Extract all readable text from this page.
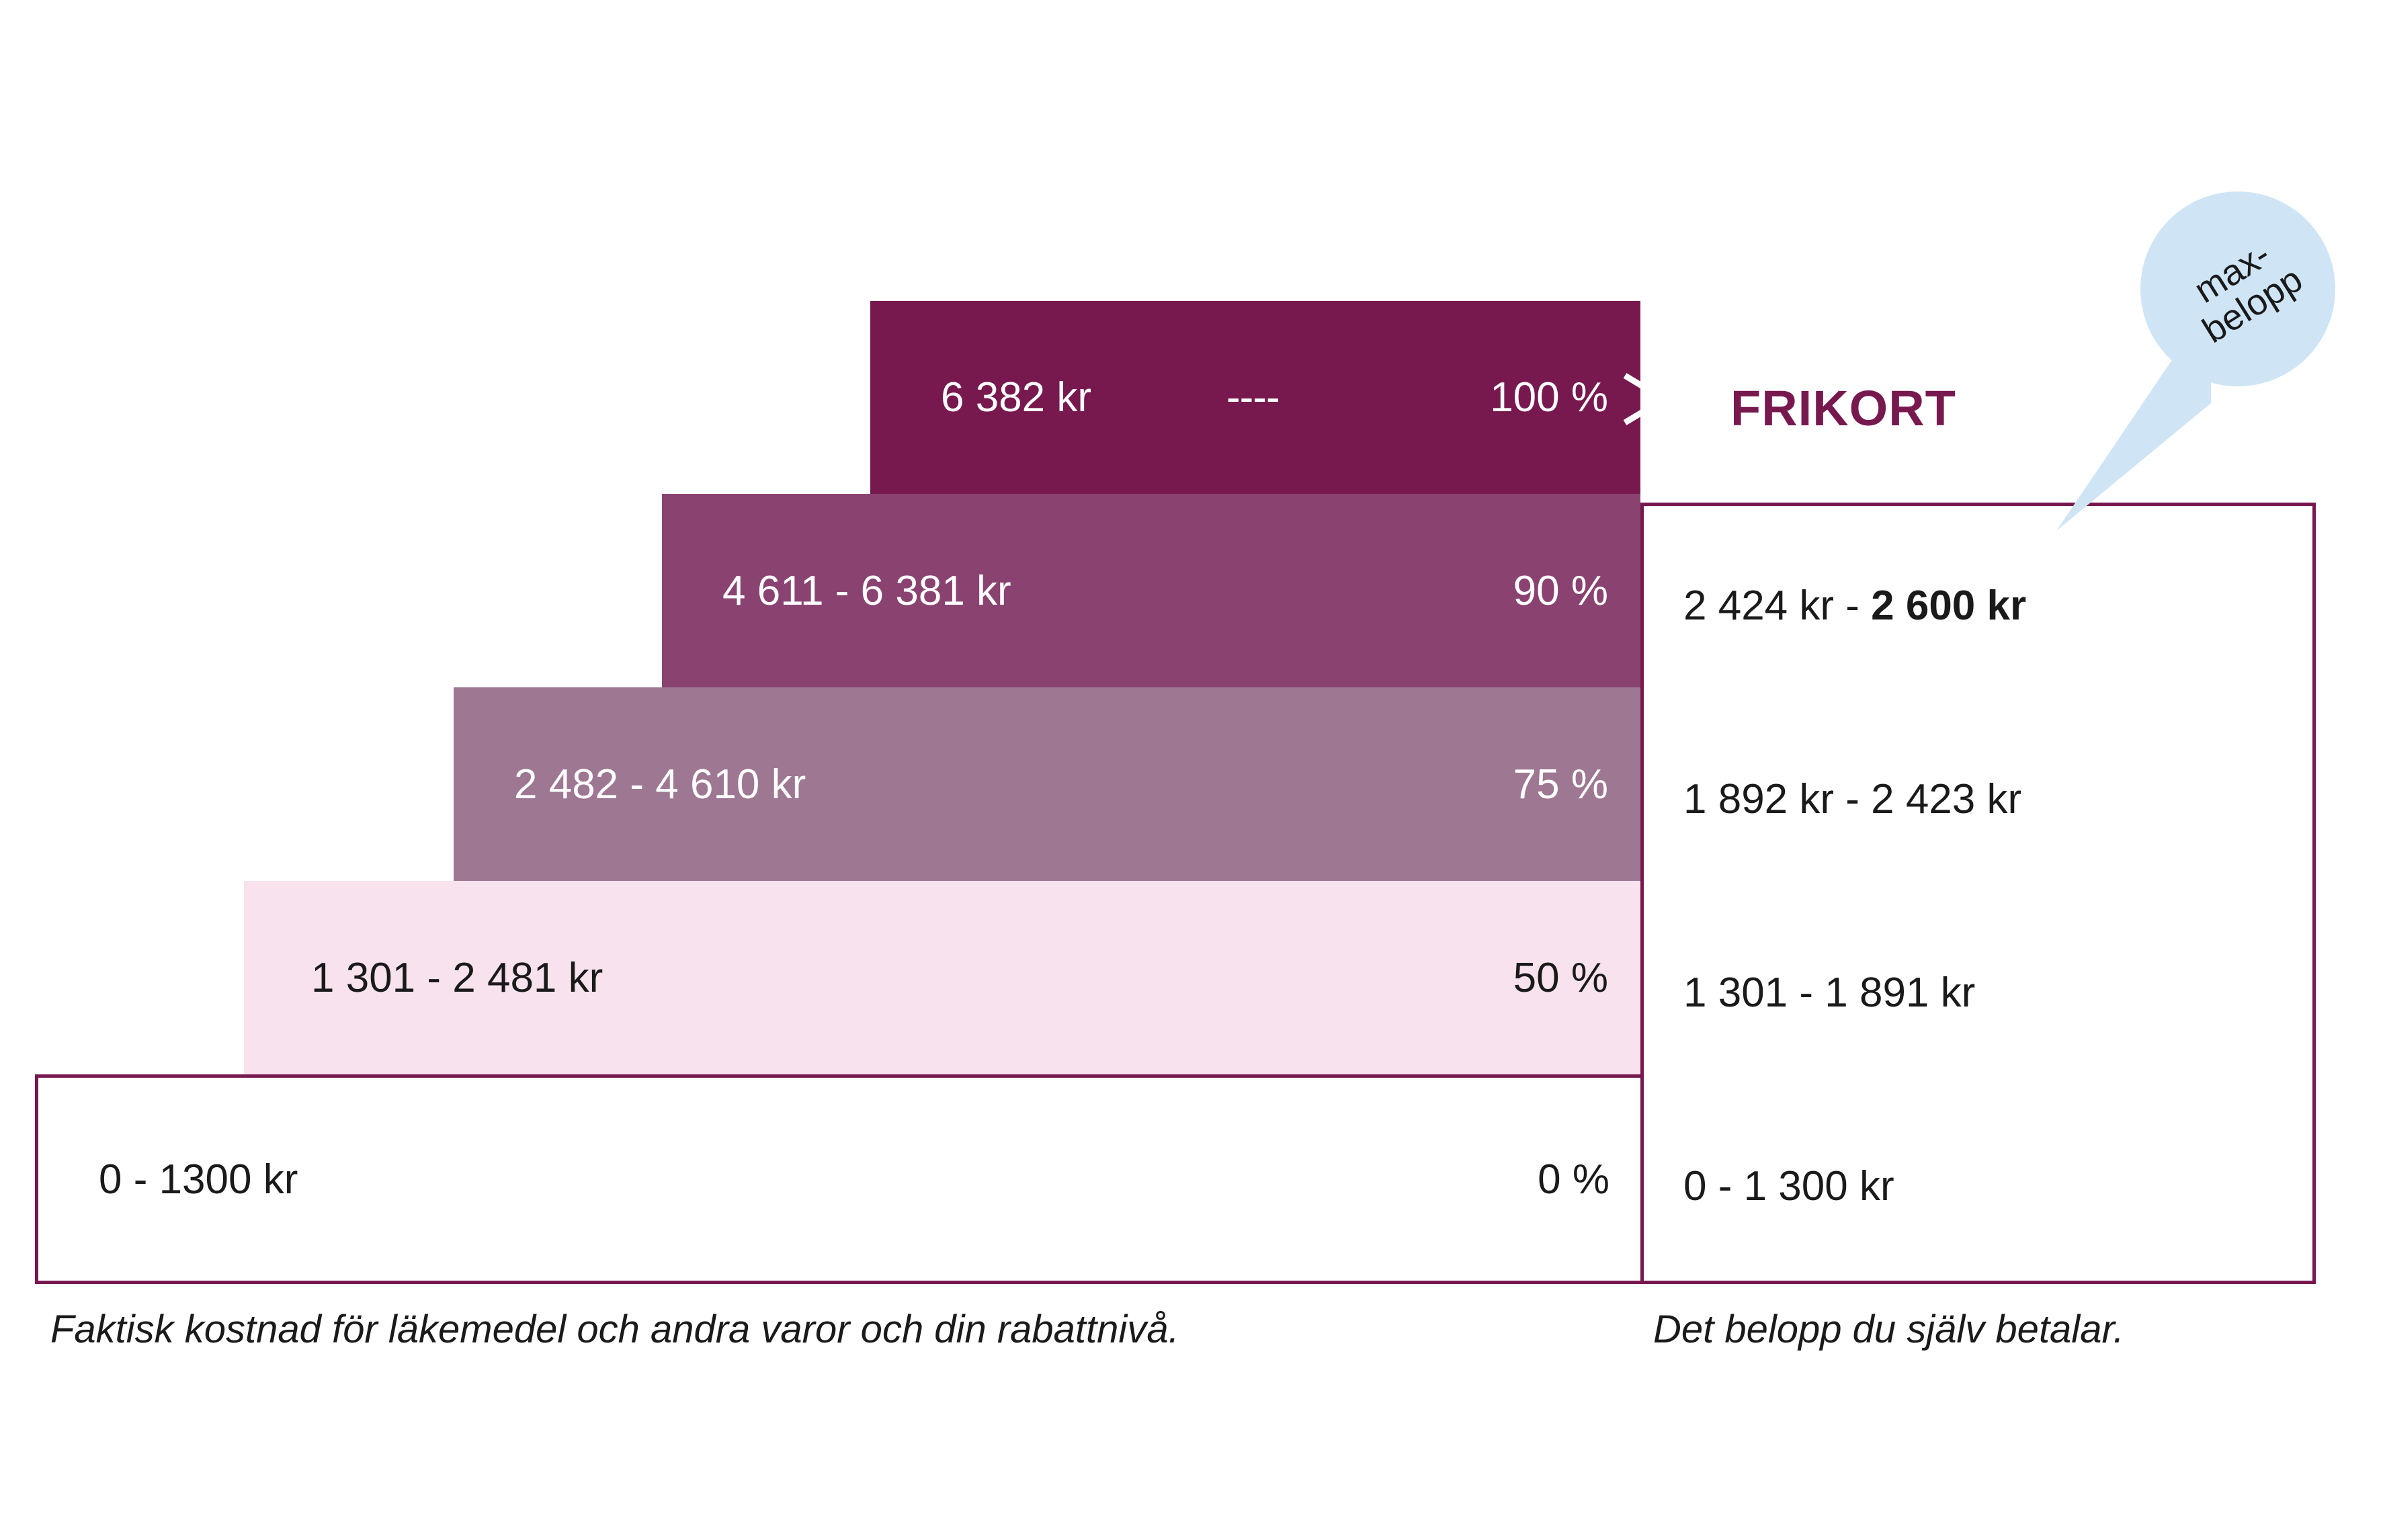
6 382 kr	----	100 %
4 611 - 6 381 kr	90 %
2 482 - 4 610 kr	75 %
1 301 - 2 481 kr	50 %
0 - 1300 kr	0 %
FRIKORT
2 424 kr - 2 600 kr
1 892 kr - 2 423 kr
1 301 - 1 891 kr
0 - 1 300 kr
max-
belopp
Faktisk kostnad för läkemedel och andra varor och din rabattnivå.	Det belopp du själv betalar.
